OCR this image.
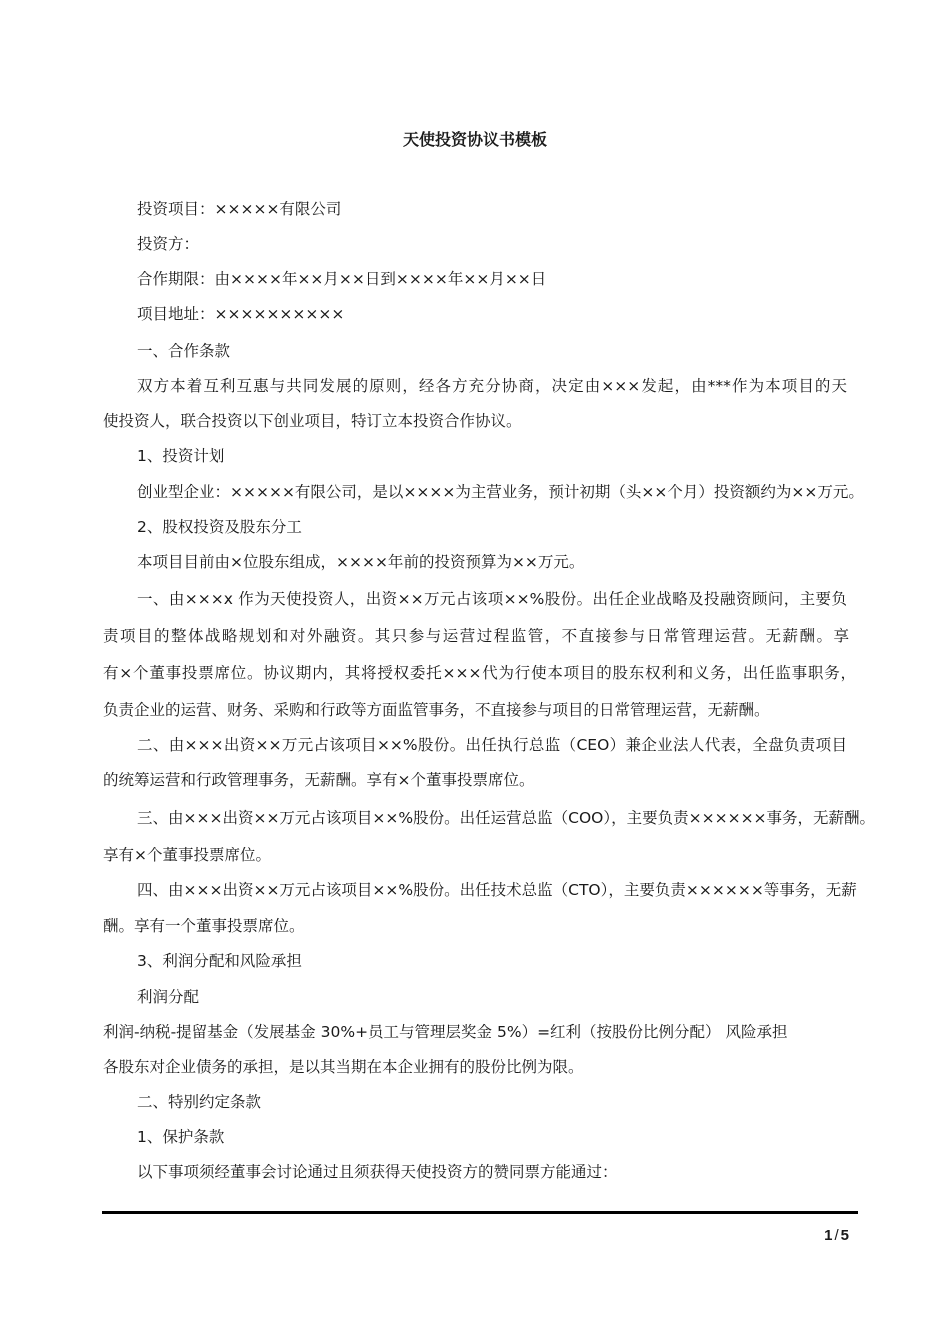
天使投资协议书模板
投资项目：×××××有限公司
投资方：
合作期限：由××××年××月××日到××××年××月××日
项目地址：××××××××××
一、合作条款
双方本着互利互惠与共同发展的原则，经各方充分协商，决定由×××发起，由***作为本项目的天
使投资人，联合投资以下创业项目，特订立本投资合作协议。
1、投资计划
创业型企业：×××××有限公司，是以××××为主营业务，预计初期（头××个月）投资额约为××万元。
2、股权投资及股东分工
本项目目前由×位股东组成，××××年前的投资预算为××万元。
一、由×××x 作为天使投资人，出资××万元占该项××%股份。出任企业战略及投融资顾问，主要负
责项目的整体战略规划和对外融资。其只参与运营过程监管，不直接参与日常管理运营。无薪酬。享
有×个董事投票席位。协议期内，其将授权委托×××代为行使本项目的股东权利和义务，出任监事职务，
负责企业的运营、财务、采购和行政等方面监管事务，不直接参与项目的日常管理运营，无薪酬。
二、由×××出资××万元占该项目××%股份。出任执行总监（CEO）兼企业法人代表，全盘负责项目
的统筹运营和行政管理事务，无薪酬。享有×个董事投票席位。
三、由×××出资××万元占该项目××%股份。出任运营总监（COO），主要负责××××××事务，无薪酬。
享有×个董事投票席位。
四、由×××出资××万元占该项目××%股份。出任技术总监（CTO），主要负责××××××等事务，无薪
酬。享有一个董事投票席位。
3、利润分配和风险承担
利润分配
利润-纳税-提留基金（发展基金 30%+员工与管理层奖金 5%）=红利（按股份比例分配） 风险承担
各股东对企业债务的承担，是以其当期在本企业拥有的股份比例为限。
二、特别约定条款
1、保护条款
以下事项须经董事会讨论通过且须获得天使投资方的赞同票方能通过：
1 / 5
